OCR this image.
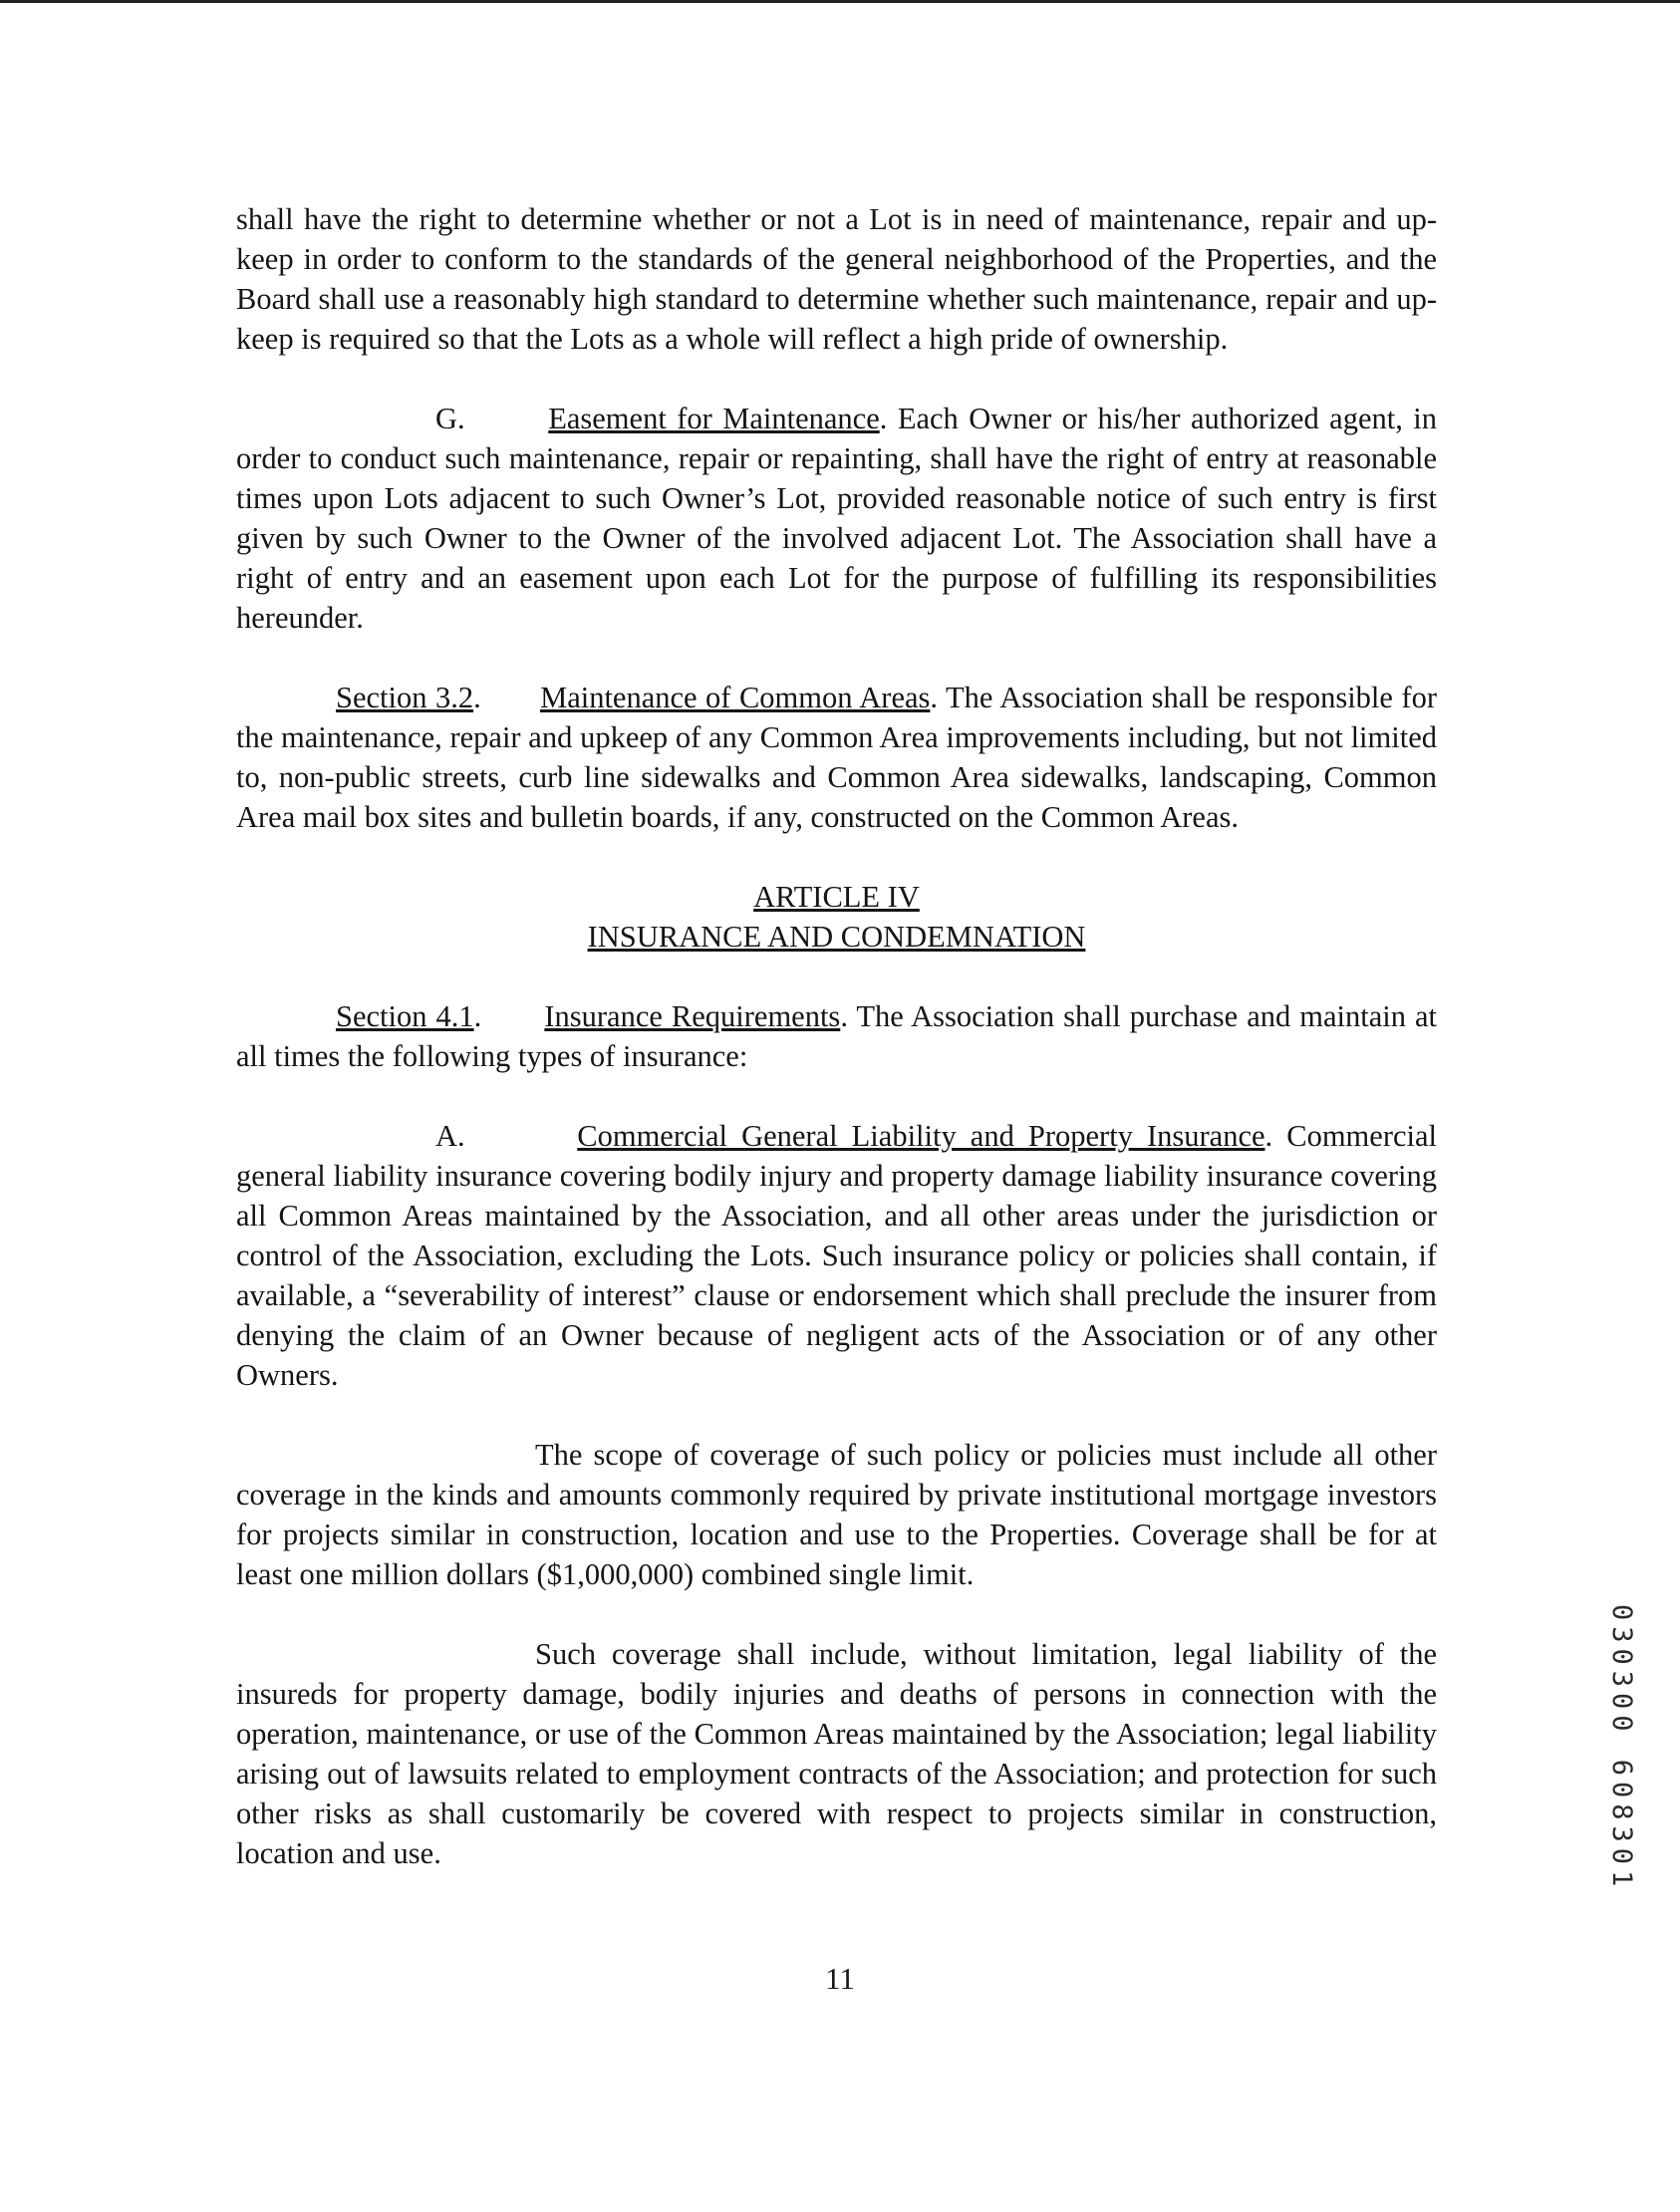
shall have the right to determine whether or not a Lot is in need of maintenance, repair and up-keep in order to conform to the standards of the general neighborhood of the Properties, and the Board shall use a reasonably high standard to determine whether such maintenance, repair and up-keep is required so that the Lots as a whole will reflect a high pride of ownership.

G.	Easement for Maintenance. Each Owner or his/her authorized agent, in order to conduct such maintenance, repair or repainting, shall have the right of entry at reasonable times upon Lots adjacent to such Owner’s Lot, provided reasonable notice of such entry is first given by such Owner to the Owner of the involved adjacent Lot. The Association shall have a right of entry and an easement upon each Lot for the purpose of fulfilling its responsibilities hereunder.

Section 3.2.       Maintenance of Common Areas. The Association shall be responsible for the maintenance, repair and upkeep of any Common Area improvements including, but not limited to, non-public streets, curb line sidewalks and Common Area sidewalks, landscaping, Common Area mail box sites and bulletin boards, if any, constructed on the Common Areas.

ARTICLE IV
INSURANCE AND CONDEMNATION

Section 4.1.       Insurance Requirements. The Association shall purchase and maintain at all times the following types of insurance:

A.	Commercial General Liability and Property Insurance. Commercial general liability insurance covering bodily injury and property damage liability insurance covering all Common Areas maintained by the Association, and all other areas under the jurisdiction or control of the Association, excluding the Lots. Such insurance policy or policies shall contain, if available, a “severability of interest” clause or endorsement which shall preclude the insurer from denying the claim of an Owner because of negligent acts of the Association or of any other Owners.

The scope of coverage of such policy or policies must include all other coverage in the kinds and amounts commonly required by private institutional mortgage investors for projects similar in construction, location and use to the Properties. Coverage shall be for at least one million dollars ($1,000,000) combined single limit.

Such coverage shall include, without limitation, legal liability of the insureds for property damage, bodily injuries and deaths of persons in connection with the operation, maintenance, or use of the Common Areas maintained by the Association; legal liability arising out of lawsuits related to employment contracts of the Association; and protection for such other risks as shall customarily be covered with respect to projects similar in construction, location and use.

11
030300 608301
